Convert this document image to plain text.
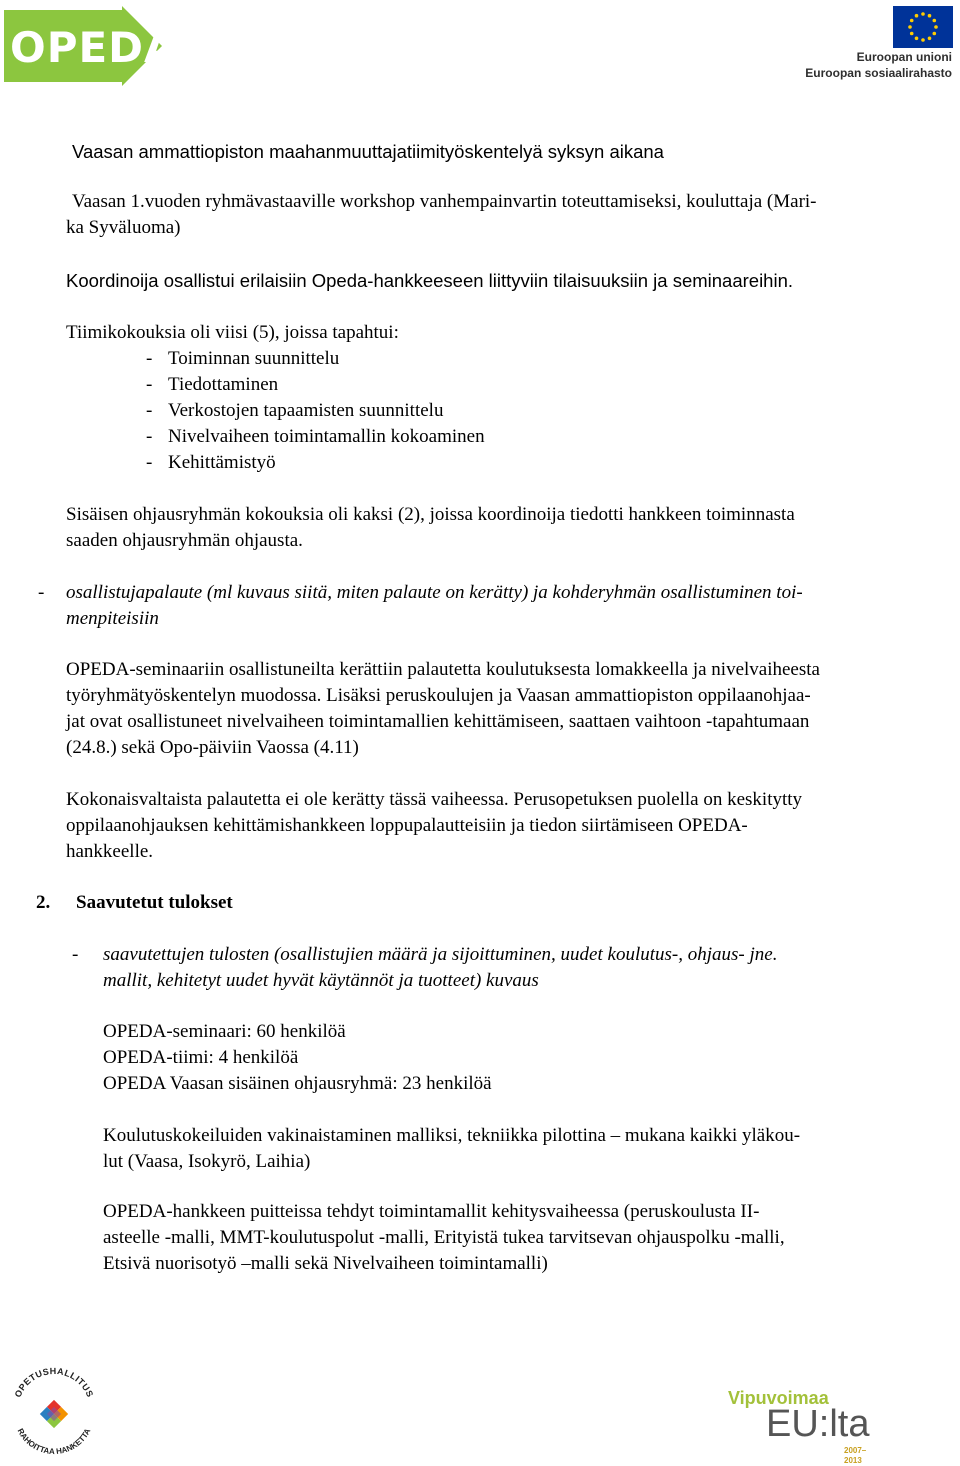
OPEDA	Euroopan unioni
Euroopan sosiaalirahasto

Vaasan ammattiopiston maahanmuuttajatiimityöskentelyä syksyn aikana

Vaasan 1.vuoden ryhmävastaaville workshop vanhempainvartin toteuttamiseksi, kouluttaja (Mari-

ka Syväluoma)

Koordinoija osallistui erilaisiin Opeda-hankkeeseen liittyviin tilaisuuksiin ja seminaareihin.

Tiimikokouksia oli viisi (5), joissa tapahtui:

- Toiminnan suunnittelu
- Tiedottaminen
- Verkostojen tapaamisten suunnittelu
- Nivelvaiheen toimintamallin kokoaminen
- Kehittämistyö

Sisäisen ohjausryhmän kokouksia oli kaksi (2), joissa koordinoija tiedotti hankkeen toiminnasta

saaden ohjausryhmän ohjausta.

- osallistujapalaute (ml kuvaus siitä, miten palaute on kerätty) ja kohderyhmän osallistuminen toi-

menpiteisiin

OPEDA-seminaariin osallistuneilta kerättiin palautetta koulutuksesta lomakkeella ja nivelvaiheesta

työryhmätyöskentelyn muodossa. Lisäksi peruskoulujen ja Vaasan ammattiopiston oppilaanohjaa-

jat ovat osallistuneet nivelvaiheen toimintamallien kehittämiseen, saattaen vaihtoon -tapahtumaan

(24.8.) sekä Opo-päiviin Vaossa (4.11)

Kokonaisvaltaista palautetta ei ole kerätty tässä vaiheessa. Perusopetuksen puolella on keskitytty

oppilaanohjauksen kehittämishankkeen loppupalautteisiin ja tiedon siirtämiseen OPEDA-

hankkeelle.

2. Saavutetut tulokset

- saavutettujen tulosten (osallistujien määrä ja sijoittuminen, uudet koulutus-, ohjaus- jne.

mallit, kehitetyt uudet hyvät käytännöt ja tuotteet) kuvaus

OPEDA-seminaari: 60 henkilöä

OPEDA-tiimi: 4 henkilöä

OPEDA Vaasan sisäinen ohjausryhmä: 23 henkilöä

Koulutuskokeiluiden vakinaistaminen malliksi, tekniikka pilottina – mukana kaikki yläkou-

lut (Vaasa, Isokyrö, Laihia)

OPEDA-hankkeen puitteissa tehdyt toimintamallit kehitysvaiheessa (peruskoulusta II-

asteelle -malli, MMT-koulutuspolut -malli, Erityistä tukea tarvitsevan ohjauspolku -malli,

Etsivä nuorisotyö –malli sekä Nivelvaiheen toimintamalli)

OPETUSHALLITUS
RAHOITTAA HANKETTA
Vipuvoimaa
EU:lta
2007–2013
